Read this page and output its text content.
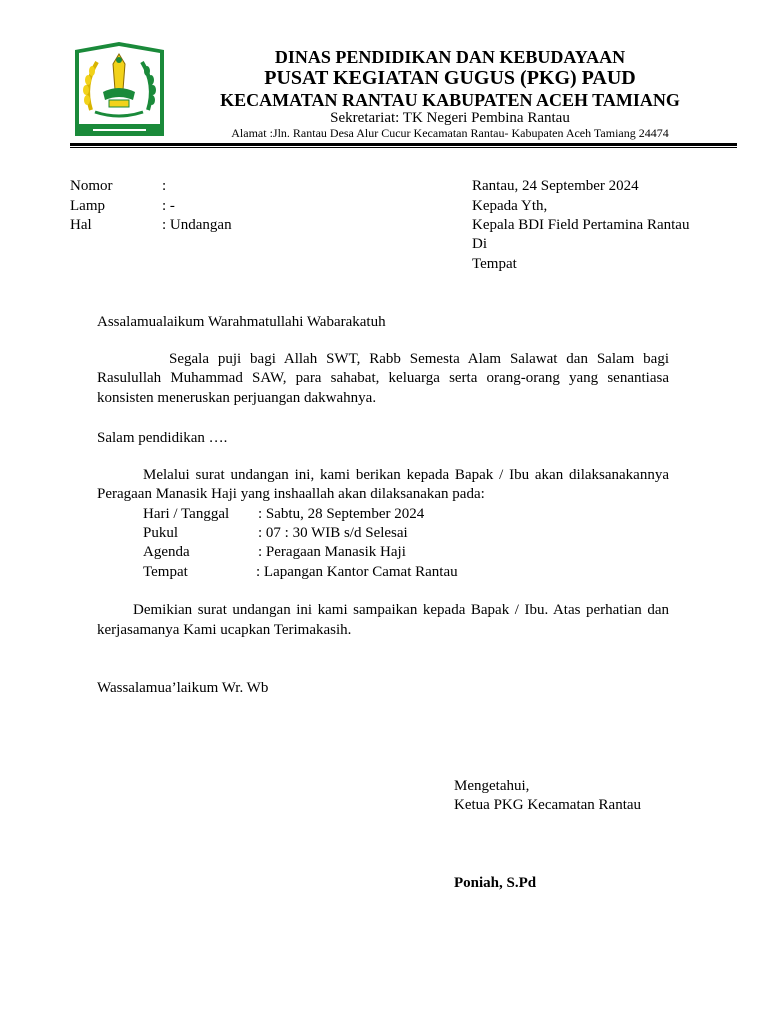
DINAS PENDIDIKAN DAN KEBUDAYAAN
PUSAT KEGIATAN GUGUS (PKG) PAUD
KECAMATAN RANTAU KABUPATEN ACEH TAMIANG
Sekretariat: TK Negeri Pembina Rantau
Alamat :Jln. Rantau Desa Alur Cucur Kecamatan Rantau- Kabupaten Aceh Tamiang 24474
Nomor	:
Lamp	: -
Hal	: Undangan
Rantau, 24 September 2024
Kepada Yth,
Kepala BDI Field Pertamina Rantau
Di
Tempat
Assalamualaikum Warahmatullahi Wabarakatuh
Segala puji bagi Allah SWT, Rabb Semesta Alam Salawat dan Salam bagi
Rasulullah Muhammad SAW, para sahabat, keluarga serta orang-orang yang senantiasa
konsisten meneruskan perjuangan dakwahnya.
Salam pendidikan ….
Melalui surat undangan ini, kami berikan kepada Bapak / Ibu akan dilaksanakannya
Peragaan Manasik Haji yang inshaallah akan dilaksanakan pada:
Hari / Tanggal : Sabtu, 28 September 2024
Pukul	: 07 : 30 WIB s/d Selesai
Agenda	: Peragaan Manasik Haji
Tempat	: Lapangan Kantor Camat Rantau
Demikian surat undangan ini kami sampaikan kepada Bapak / Ibu. Atas perhatian dan
kerjasamanya Kami ucapkan Terimakasih.
Wassalamua’laikum Wr. Wb
Mengetahui,
Ketua PKG Kecamatan Rantau
Poniah, S.Pd
